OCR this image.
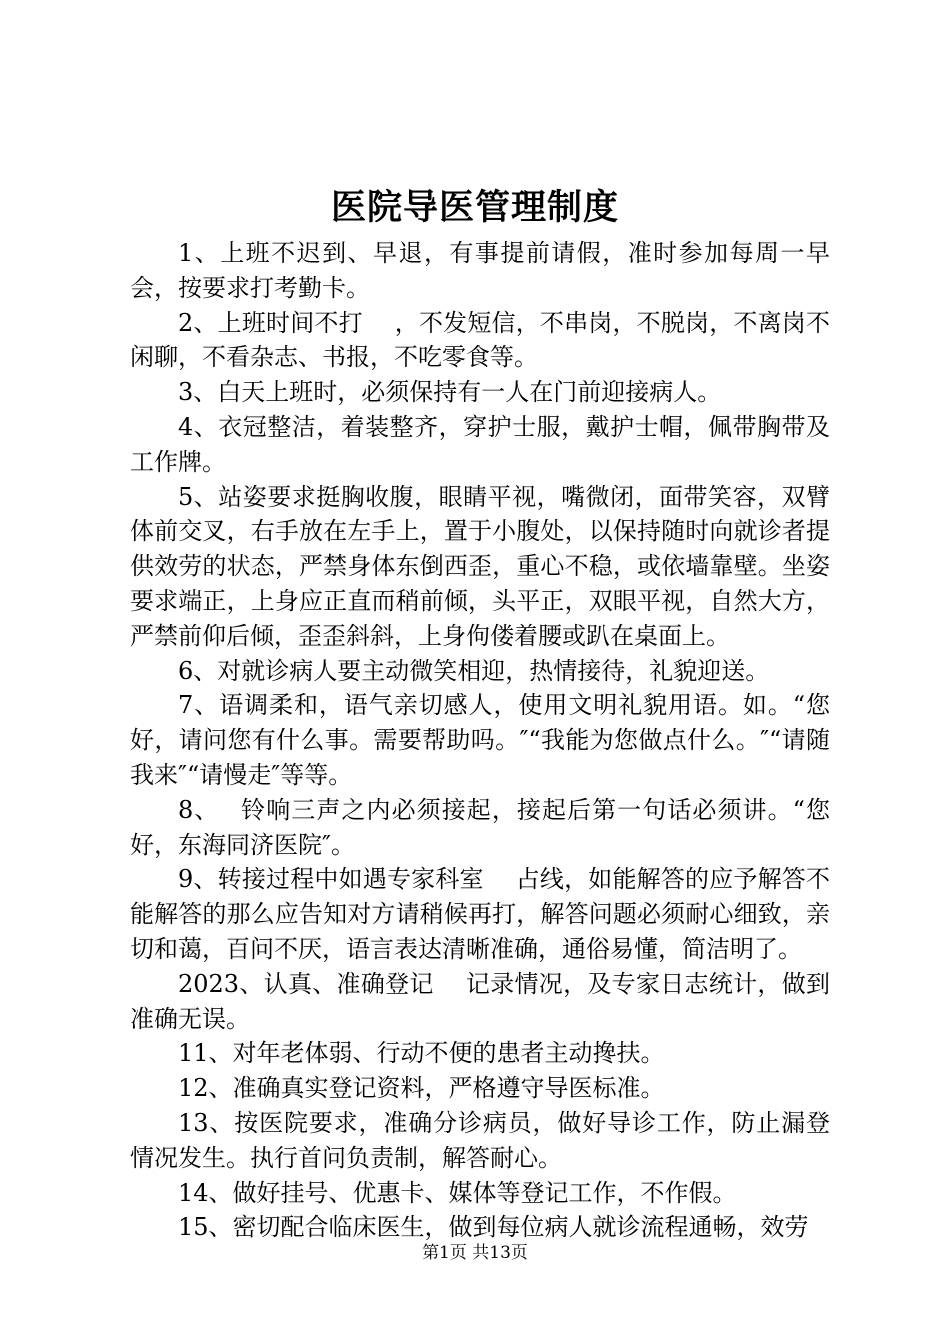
医院导医管理制度

1、上班不迟到、早退，有事提前请假，准时参加每周一早会，按要求打考勤卡。

2、上班时间不打　 ，不发短信，不串岗，不脱岗，不离岗不闲聊，不看杂志、书报，不吃零食等。

3、白天上班时，必须保持有一人在门前迎接病人。

4、衣冠整洁，着装整齐，穿护士服，戴护士帽，佩带胸带及工作牌。

5、站姿要求挺胸收腹，眼睛平视，嘴微闭，面带笑容，双臂体前交叉，右手放在左手上，置于小腹处，以保持随时向就诊者提供效劳的状态，严禁身体东倒西歪，重心不稳，或依墙靠壁。坐姿要求端正，上身应正直而稍前倾，头平正，双眼平视，自然大方，严禁前仰后倾，歪歪斜斜，上身佝偻着腰或趴在桌面上。

6、对就诊病人要主动微笑相迎，热情接待，礼貌迎送。

7、语调柔和，语气亲切感人，使用文明礼貌用语。如。“您好，请问您有什么事。需要帮助吗。″“我能为您做点什么。″“请随我来″“请慢走″等等。

8、　 铃响三声之内必须接起，接起后第一句话必须讲。“您好，东海同济医院″。

9、转接过程中如遇专家科室　 占线，如能解答的应予解答不能解答的那么应告知对方请稍候再打，解答问题必须耐心细致，亲切和蔼，百问不厌，语言表达清晰准确，通俗易懂，简洁明了。

2023、认真、准确登记　 记录情况，及专家日志统计，做到准确无误。

11、对年老体弱、行动不便的患者主动搀扶。

12、准确真实登记资料，严格遵守导医标准。

13、按医院要求，准确分诊病员，做好导诊工作，防止漏登情况发生。执行首问负责制，解答耐心。

14、做好挂号、优惠卡、媒体等登记工作，不作假。

15、密切配合临床医生，做到每位病人就诊流程通畅，效劳

第1页 共13页
